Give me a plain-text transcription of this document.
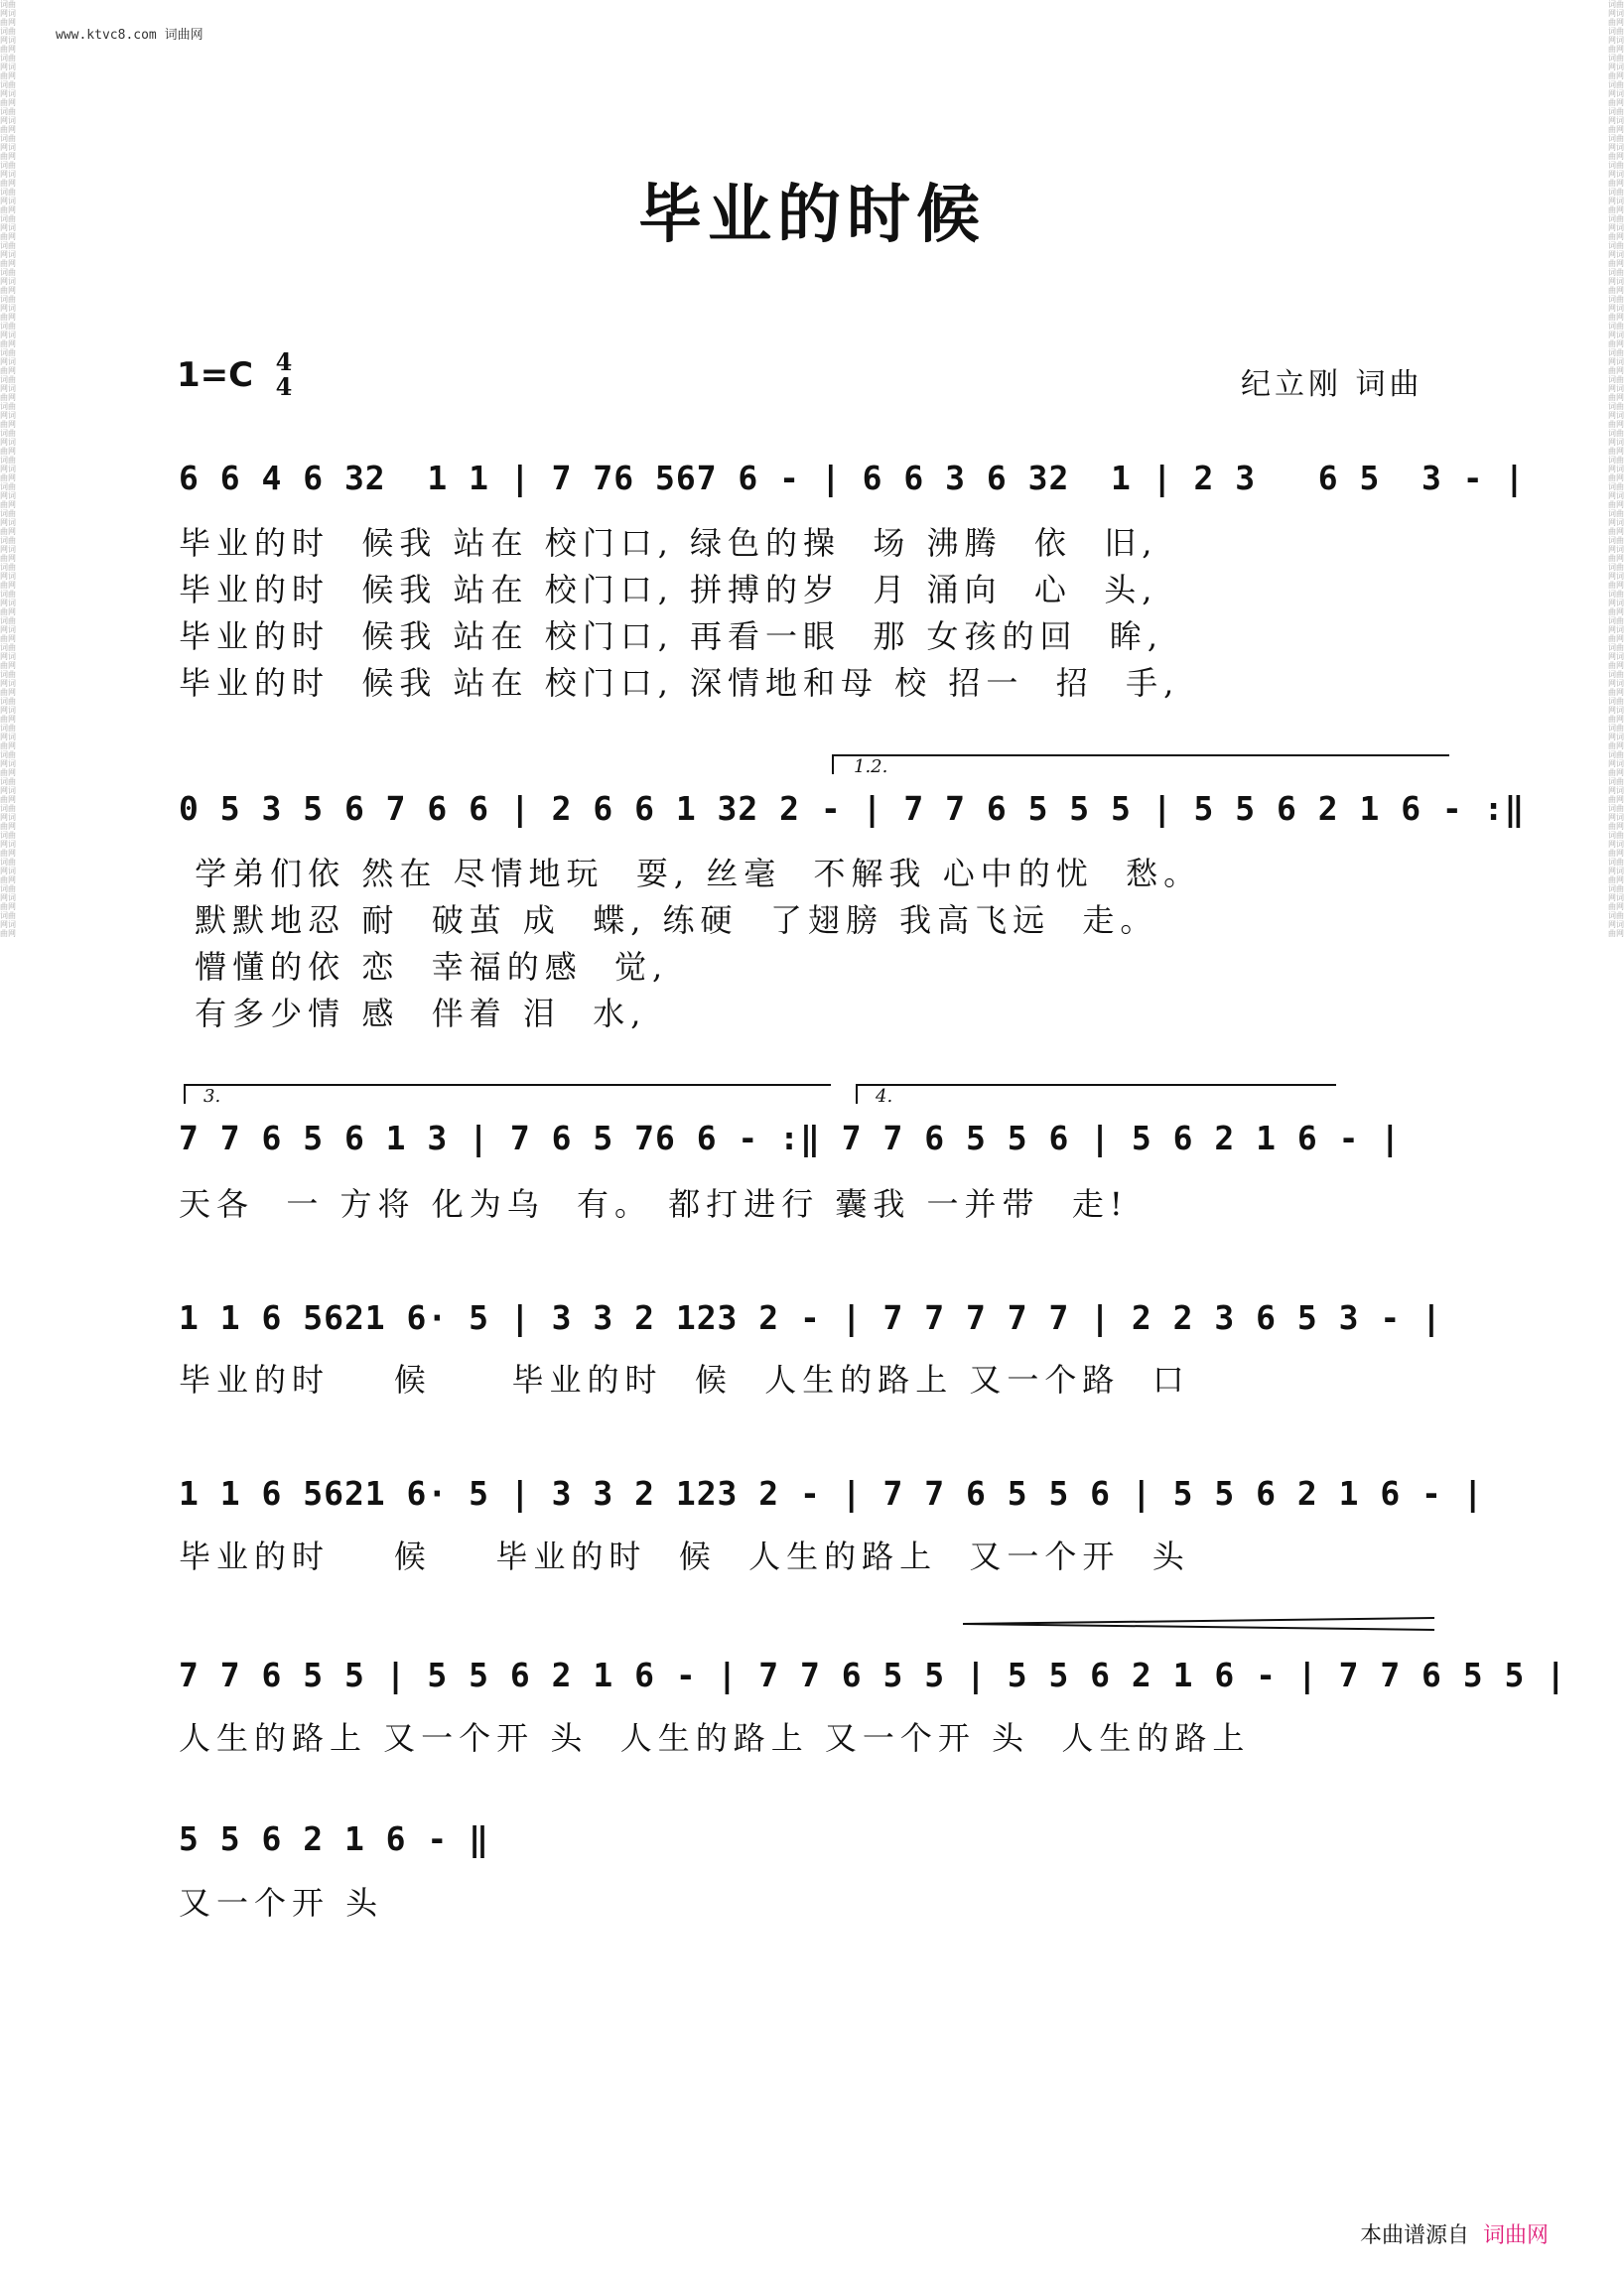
词曲网词曲网词曲网词曲网词曲网词曲网词曲网词曲网词曲网词曲网词曲网词曲网词曲网词曲网词曲网词曲网词曲网词曲网词曲网词曲网词曲网词曲网词曲网词曲网词曲网词曲网词曲网词曲网词曲网词曲网词曲网词曲网词曲网词曲网词曲网词曲网词曲网词曲网词曲网词曲网词曲网词曲网词曲网词曲网词曲网词曲网词曲网词曲网词曲网词曲网词曲网词曲网词曲网词曲网词曲网词曲网词曲网词曲网词曲网词曲网词曲网词曲网词曲网词曲网词曲网词曲网词曲网词曲网词曲网词曲网
词曲网词曲网词曲网词曲网词曲网词曲网词曲网词曲网词曲网词曲网词曲网词曲网词曲网词曲网词曲网词曲网词曲网词曲网词曲网词曲网词曲网词曲网词曲网词曲网词曲网词曲网词曲网词曲网词曲网词曲网词曲网词曲网词曲网词曲网词曲网词曲网词曲网词曲网词曲网词曲网词曲网词曲网词曲网词曲网词曲网词曲网词曲网词曲网词曲网词曲网词曲网词曲网词曲网词曲网词曲网词曲网词曲网词曲网词曲网词曲网词曲网词曲网词曲网词曲网词曲网词曲网词曲网词曲网词曲网词曲网
www.ktvc8.com 词曲网
毕业的时候
1=C 4
4	纪立刚 词曲
6 6 4 6 32  1 1 | 7 76 567 6 - | 6 6 3 6 32  1 | 2 3   6 5  3 - |
毕业的时  候我 站在 校门口, 绿色的操  场 沸腾  依  旧,
毕业的时  候我 站在 校门口, 拼搏的岁  月 涌向  心  头,
毕业的时  候我 站在 校门口, 再看一眼  那 女孩的回  眸,
毕业的时  候我 站在 校门口, 深情地和母 校 招一  招  手,
1.2.
0 5 3 5 6 7 6 6 | 2 6 6 1 32 2 - | 7 7 6 5 5 5 | 5 5 6 2 1 6 - :‖
学弟们依 然在 尽情地玩  耍, 丝毫  不解我 心中的忧  愁。
默默地忍 耐  破茧 成  蝶, 练硬  了翅膀 我高飞远  走。
懵懂的依 恋  幸福的感  觉,
有多少情 感  伴着 泪  水,
3.	4.
7 7 6 5 6 1 3 | 7 6 5 76 6 - :‖ 7 7 6 5 5 6 | 5 6 2 1 6 - |
天各  一 方将 化为乌  有。 都打进行 囊我 一并带  走!
1 1 6 5621 6· 5 | 3 3 2 123 2 - | 7 7 7 7 7 | 2 2 3 6 5 3 - |
毕业的时    候     毕业的时  候  人生的路上 又一个路  口
1 1 6 5621 6· 5 | 3 3 2 123 2 - | 7 7 6 5 5 6 | 5 5 6 2 1 6 - |
毕业的时    候    毕业的时  候  人生的路上  又一个开  头
7 7 6 5 5 | 5 5 6 2 1 6 - | 7 7 6 5 5 | 5 5 6 2 1 6 - | 7 7 6 5 5 |
人生的路上 又一个开 头  人生的路上 又一个开 头  人生的路上
5 5 6 2 1 6 - ‖
又一个开 头
本曲谱源自 词曲网
